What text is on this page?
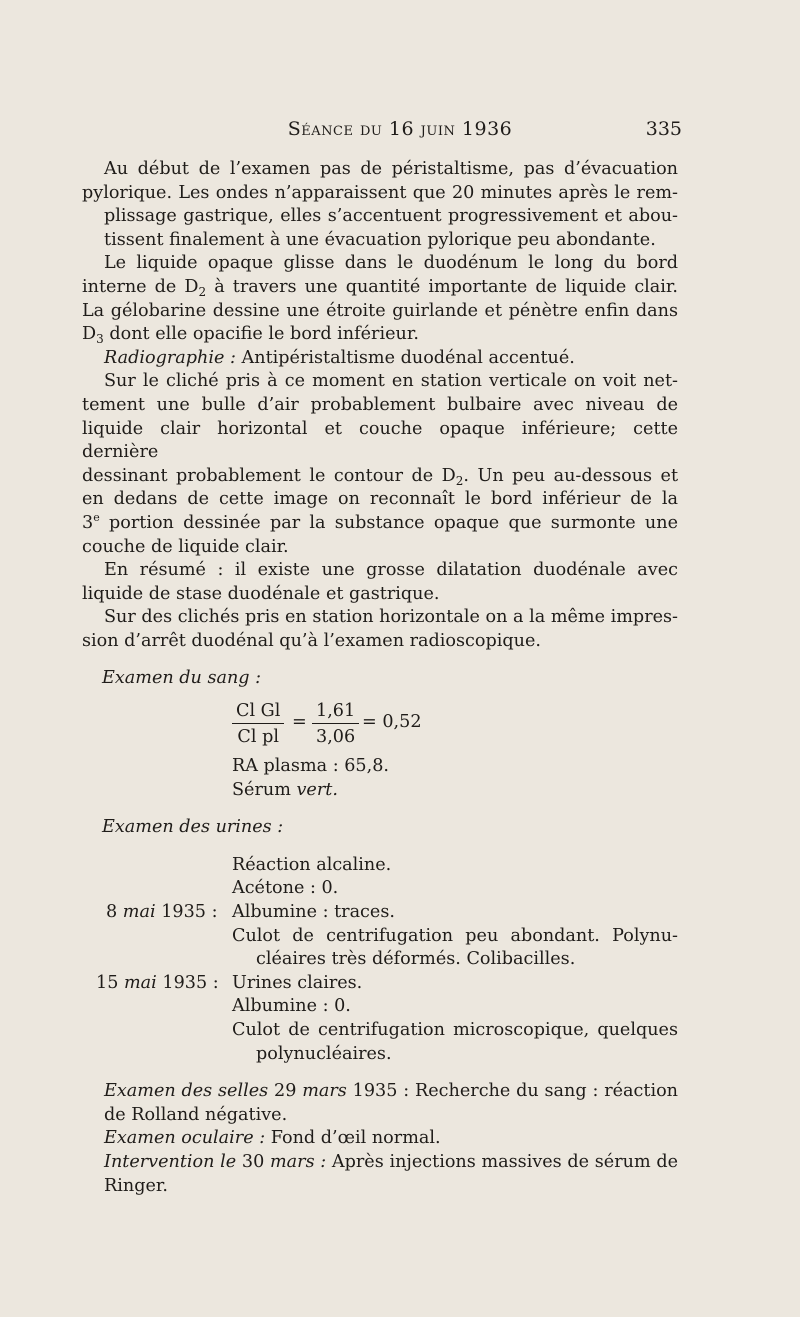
Séance du 16 juin 1936	335

Au début de l’examen pas de péristaltisme, pas d’évacuation
pylorique. Les ondes n’apparaissent que 20 minutes après le rem-
plissage gastrique, elles s’accentuent progressivement et abou-
tissent finalement à une évacuation pylorique peu abondante.

Le liquide opaque glisse dans le duodénum le long du bord
interne de $D_2$ à travers une quantité importante de liquide clair.
La gélobarine dessine une étroite guirlande et pénètre enfin dans
$D_3$ dont elle opacifie le bord inférieur.

Radiographie : Antipéristaltisme duodénal accentué.

Sur le cliché pris à ce moment en station verticale on voit net-
tement une bulle d’air probablement bulbaire avec niveau de
liquide clair horizontal et couche opaque inférieure; cette dernière
dessinant probablement le contour de $D_2$. Un peu au-dessous et
en dedans de cette image on reconnaît le bord inférieur de la
3e portion dessinée par la substance opaque que surmonte une
couche de liquide clair.

En résumé : il existe une grosse dilatation duodénale avec
liquide de stase duodénale et gastrique.

Sur des clichés pris en station horizontale on a la même impres-
sion d’arrêt duodénal qu’à l’examen radioscopique.

Examen du sang :
$\frac{\text{Cl Gl}}{\text{Cl pl}} = \frac{1,61}{3,06} = 0,52$
RA plasma : 65,8.
Sérum vert.
Examen des urines :
Réaction alcaline.
Acétone : 0.
8 mai 1935 : Albumine : traces.
Culot de centrifugation peu abondant. Polynu-cléaires très déformés. Colibacilles.
15 mai 1935 : Urines claires.
Albumine : 0.
Culot de centrifugation microscopique, quelques polynucléaires.

Examen des selles 29 mars 1935 : Recherche du sang : réaction de Rolland négative.

Examen oculaire : Fond d’œil normal.

Intervention le 30 mars : Après injections massives de sérum de Ringer.
